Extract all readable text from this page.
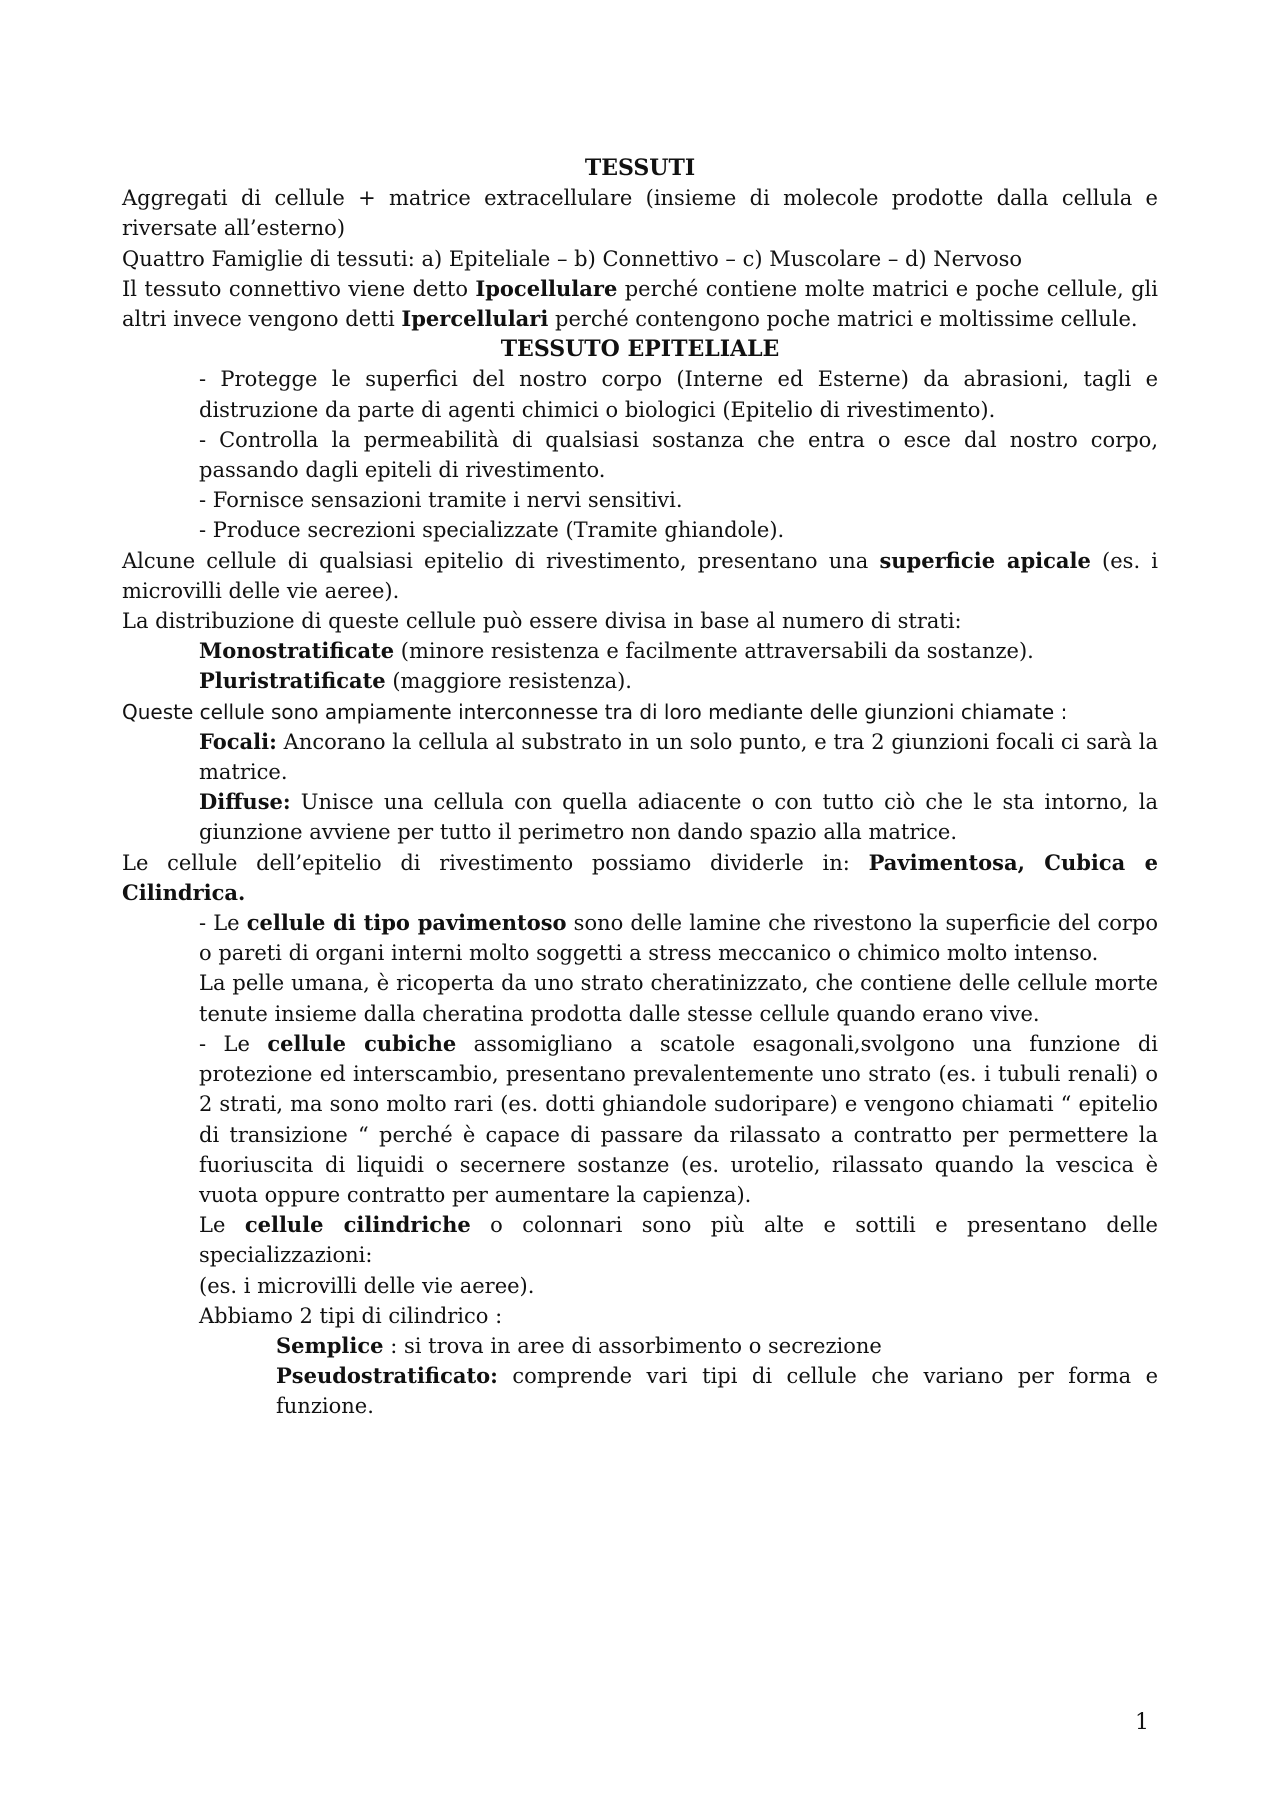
TESSUTI

Aggregati di cellule + matrice extracellulare (insieme di molecole prodotte dalla cellula e riversate all’esterno)

Quattro Famiglie di tessuti: a) Epiteliale – b) Connettivo – c) Muscolare – d) Nervoso

Il tessuto connettivo viene detto Ipocellulare perché contiene molte matrici e poche cellule, gli altri invece vengono detti Ipercellulari perché contengono poche matrici e moltissime cellule.

TESSUTO EPITELIALE

- Protegge le superfici del nostro corpo (Interne ed Esterne) da abrasioni, tagli e distruzione da parte di agenti chimici o biologici (Epitelio di rivestimento).

- Controlla la permeabilità di qualsiasi sostanza che entra o esce dal nostro corpo, passando dagli epiteli di rivestimento.

- Fornisce sensazioni tramite i nervi sensitivi.

- Produce secrezioni specializzate (Tramite ghiandole).

Alcune cellule di qualsiasi epitelio di rivestimento, presentano una superficie apicale (es. i microvilli delle vie aeree).

La distribuzione di queste cellule può essere divisa in base al numero di strati:

Monostratificate (minore resistenza e facilmente attraversabili da sostanze).

Pluristratificate (maggiore resistenza).

Queste cellule sono ampiamente interconnesse tra di loro mediante delle giunzioni chiamate :

Focali: Ancorano la cellula al substrato in un solo punto, e tra 2 giunzioni focali ci sarà la matrice.

Diffuse: Unisce una cellula con quella adiacente o con tutto ciò che le sta intorno, la giunzione avviene per tutto il perimetro non dando spazio alla matrice.

Le cellule dell’epitelio di rivestimento possiamo dividerle in: Pavimentosa, Cubica e Cilindrica.

- Le cellule di tipo pavimentoso sono delle lamine che rivestono la superficie del corpo o pareti di organi interni molto soggetti a stress meccanico o chimico molto intenso.

La pelle umana, è ricoperta da uno strato cheratinizzato, che contiene delle cellule morte tenute insieme dalla cheratina prodotta dalle stesse cellule quando erano vive.

- Le cellule cubiche assomigliano a scatole esagonali,svolgono una funzione di protezione ed interscambio, presentano prevalentemente uno strato (es. i tubuli renali) o 2 strati, ma sono molto rari (es. dotti ghiandole sudoripare) e vengono chiamati “ epitelio di transizione “ perché è capace di passare da rilassato a contratto per permettere la fuoriuscita di liquidi o secernere sostanze (es. urotelio, rilassato quando la vescica è vuota oppure contratto per aumentare la capienza).

Le cellule cilindriche o colonnari sono più alte e sottili e presentano delle specializzazioni:

(es. i microvilli delle vie aeree).

Abbiamo 2 tipi di cilindrico :

Semplice : si trova in aree di assorbimento o secrezione

Pseudostratificato: comprende vari tipi di cellule che variano per forma e funzione.

1
